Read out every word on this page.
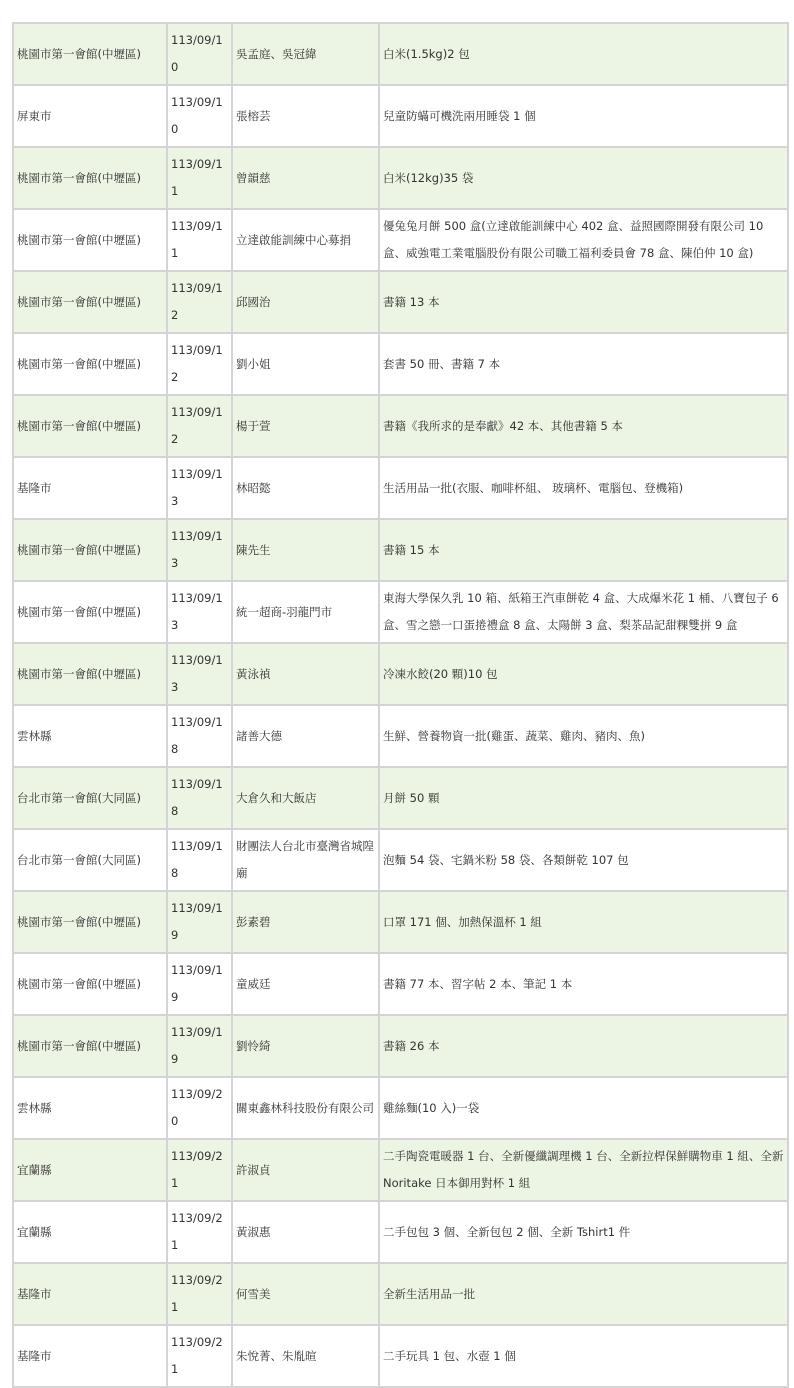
桃園市第一會館(中壢區)	113/09/10	吳孟庭、吳冠緯	白米(1.5kg)2 包
屏東市	113/09/10	張榕芸	兒童防蟎可機洗兩用睡袋 1 個
桃園市第一會館(中壢區)	113/09/11	曾韻慈	白米(12kg)35 袋
桃園市第一會館(中壢區)	113/09/11	立達啟能訓練中心募捐	優兔兔月餅 500 盒(立達啟能訓練中心 402 盒、益照國際開發有限公司 10 盒、威強電工業電腦股份有限公司職工福利委員會 78 盒、陳伯仲 10 盒)
桃園市第一會館(中壢區)	113/09/12	邱國治	書籍 13 本
桃園市第一會館(中壢區)	113/09/12	劉小姐	套書 50 冊、書籍 7 本
桃園市第一會館(中壢區)	113/09/12	楊于萱	書籍《我所求的是奉獻》42 本、其他書籍 5 本
基隆市	113/09/13	林昭懿	生活用品一批(衣服、咖啡杯組、 玻璃杯、電腦包、登機箱)
桃園市第一會館(中壢區)	113/09/13	陳先生	書籍 15 本
桃園市第一會館(中壢區)	113/09/13	統一超商-羽龍門市	東海大學保久乳 10 箱、紙箱王汽車餅乾 4 盒、大成爆米花 1 桶、八寶包子 6 盒、雪之戀一口蛋捲禮盒 8 盒、太陽餅 3 盒、梨茶品記甜粿雙拼 9 盒
桃園市第一會館(中壢區)	113/09/13	黃泳禎	冷凍水餃(20 顆)10 包
雲林縣	113/09/18	諸善大德	生鮮、營養物資一批(雞蛋、蔬菜、雞肉、豬肉、魚)
台北市第一會館(大同區)	113/09/18	大倉久和大飯店	月餅 50 顆
台北市第一會館(大同區)	113/09/18	財團法人台北市臺灣省城隍廟	泡麵 54 袋、宅鍋米粉 58 袋、各類餅乾 107 包
桃園市第一會館(中壢區)	113/09/19	彭素碧	口罩 171 個、加熱保溫杯 1 組
桃園市第一會館(中壢區)	113/09/19	童威廷	書籍 77 本、習字帖 2 本、筆記 1 本
桃園市第一會館(中壢區)	113/09/19	劉怜綺	書籍 26 本
雲林縣	113/09/20	關東鑫林科技股份有限公司	雞絲麵(10 入)一袋
宜蘭縣	113/09/21	許淑貞	二手陶瓷電暖器 1 台、全新優纖調理機 1 台、全新拉桿保鮮購物車 1 組、全新 Noritake 日本御用對杯 1 組
宜蘭縣	113/09/21	黃淑惠	二手包包 3 個、全新包包 2 個、全新 Tshirt1 件
基隆市	113/09/21	何雪美	全新生活用品一批
基隆市	113/09/21	朱悅菁、朱胤暄	二手玩具 1 包、水壺 1 個
